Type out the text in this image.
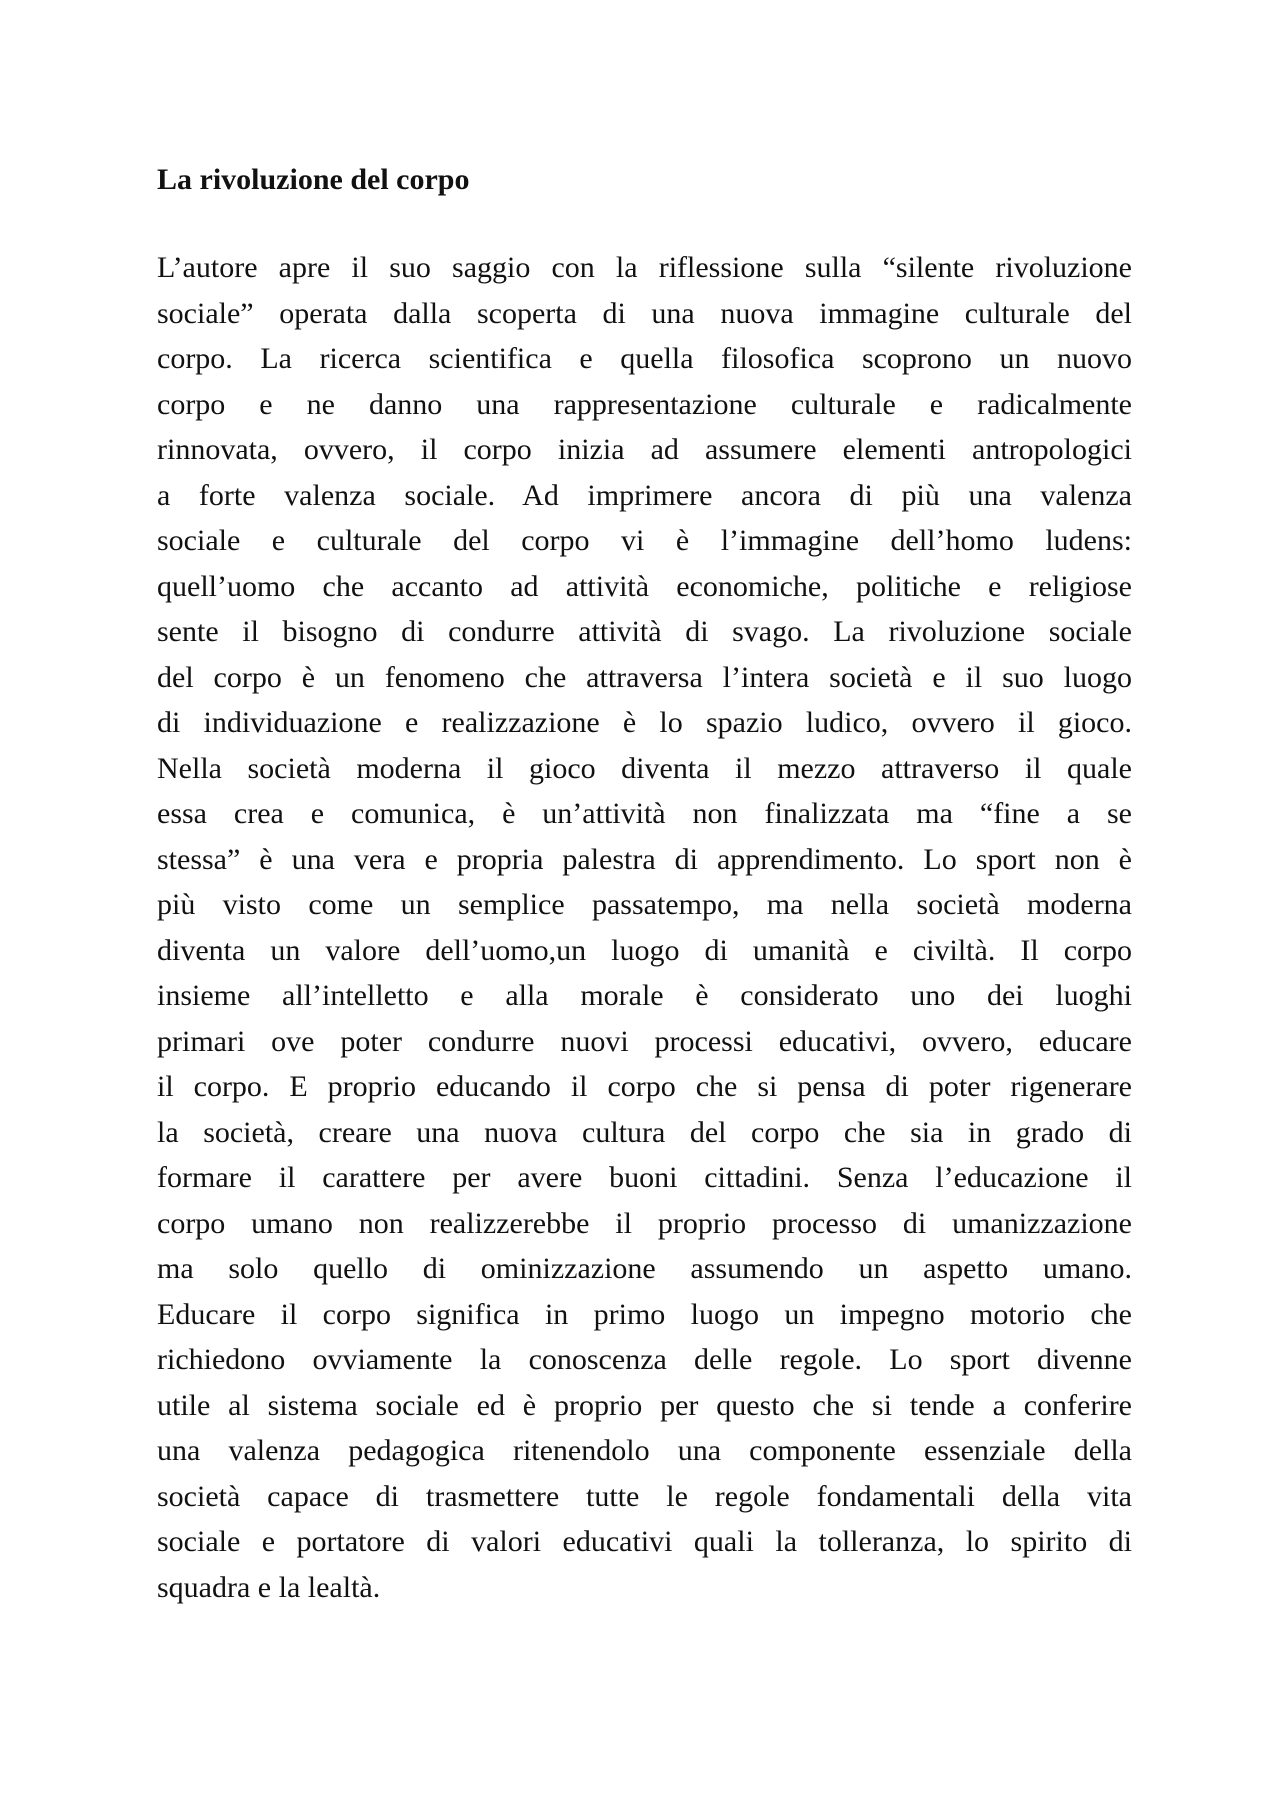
La rivoluzione del corpo

L’autore apre il suo saggio con la riflessione sulla “silente rivoluzione
sociale” operata dalla scoperta di una nuova immagine culturale del
corpo. La ricerca scientifica e quella filosofica scoprono un nuovo
corpo e ne danno una rappresentazione culturale e radicalmente
rinnovata, ovvero, il corpo inizia ad assumere elementi antropologici
a forte valenza sociale. Ad imprimere ancora di più una valenza
sociale e culturale del corpo vi è l’immagine dell’homo ludens:
quell’uomo che accanto ad attività economiche, politiche e religiose
sente il bisogno di condurre attività di svago. La rivoluzione sociale
del corpo è un fenomeno che attraversa l’intera società e il suo luogo
di individuazione e realizzazione è lo spazio ludico, ovvero il gioco.
Nella società moderna il gioco diventa il mezzo attraverso il quale
essa crea e comunica, è un’attività non finalizzata ma “fine a se
stessa” è una vera e propria palestra di apprendimento. Lo sport non è
più visto come un semplice passatempo, ma nella società moderna
diventa un valore dell’uomo,un luogo di umanità e civiltà. Il corpo
insieme all’intelletto e alla morale è considerato uno dei luoghi
primari ove poter condurre nuovi processi educativi, ovvero, educare
il corpo. E proprio educando il corpo che si pensa di poter rigenerare
la società, creare una nuova cultura del corpo che sia in grado di
formare il carattere per avere buoni cittadini. Senza l’educazione il
corpo umano non realizzerebbe il proprio processo di umanizzazione
ma solo quello di ominizzazione assumendo un aspetto umano.
Educare il corpo significa in primo luogo un impegno motorio che
richiedono ovviamente la conoscenza delle regole. Lo sport divenne
utile al sistema sociale ed è proprio per questo che si tende a conferire
una valenza pedagogica ritenendolo una componente essenziale della
società capace di trasmettere tutte le regole fondamentali della vita
sociale e portatore di valori educativi quali la tolleranza, lo spirito di
squadra e la lealtà.
